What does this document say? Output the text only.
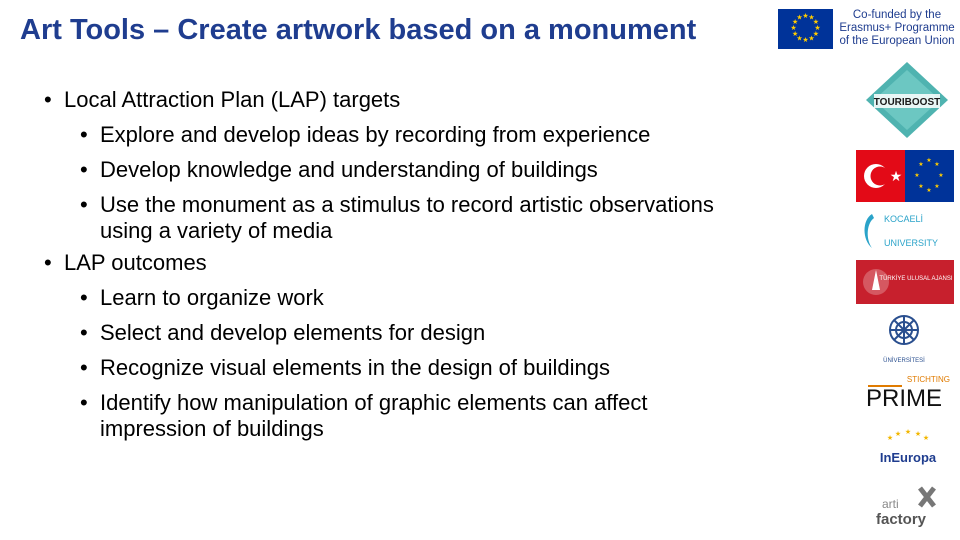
Art Tools – Create artwork based on a monument	★ ★
★
★
★
★
★
★
★
★
★
★	Co-funded by the
Erasmus+ Programme
of the European Union
• Local Attraction Plan (LAP) targets
• Explore and develop ideas by recording from experience
• Develop knowledge and understanding of buildings
• Use the monument as a stimulus to record artistic observations
using a variety of media
• LAP outcomes
• Learn to organize work
• Select and develop elements for design
• Recognize visual elements in the design of buildings
• Identify how manipulation of graphic elements can affect
impression of buildings
TOURIBOOST
★
★
★
★
★
★
★
★
★
KOCAELİ
UNIVERSITY
TÜRKİYE ULUSAL AJANSI
ÜNİVERSİTESİ
STICHTING
PRIME
★
★ ★ ★
★
InEuropa
arti
factory
